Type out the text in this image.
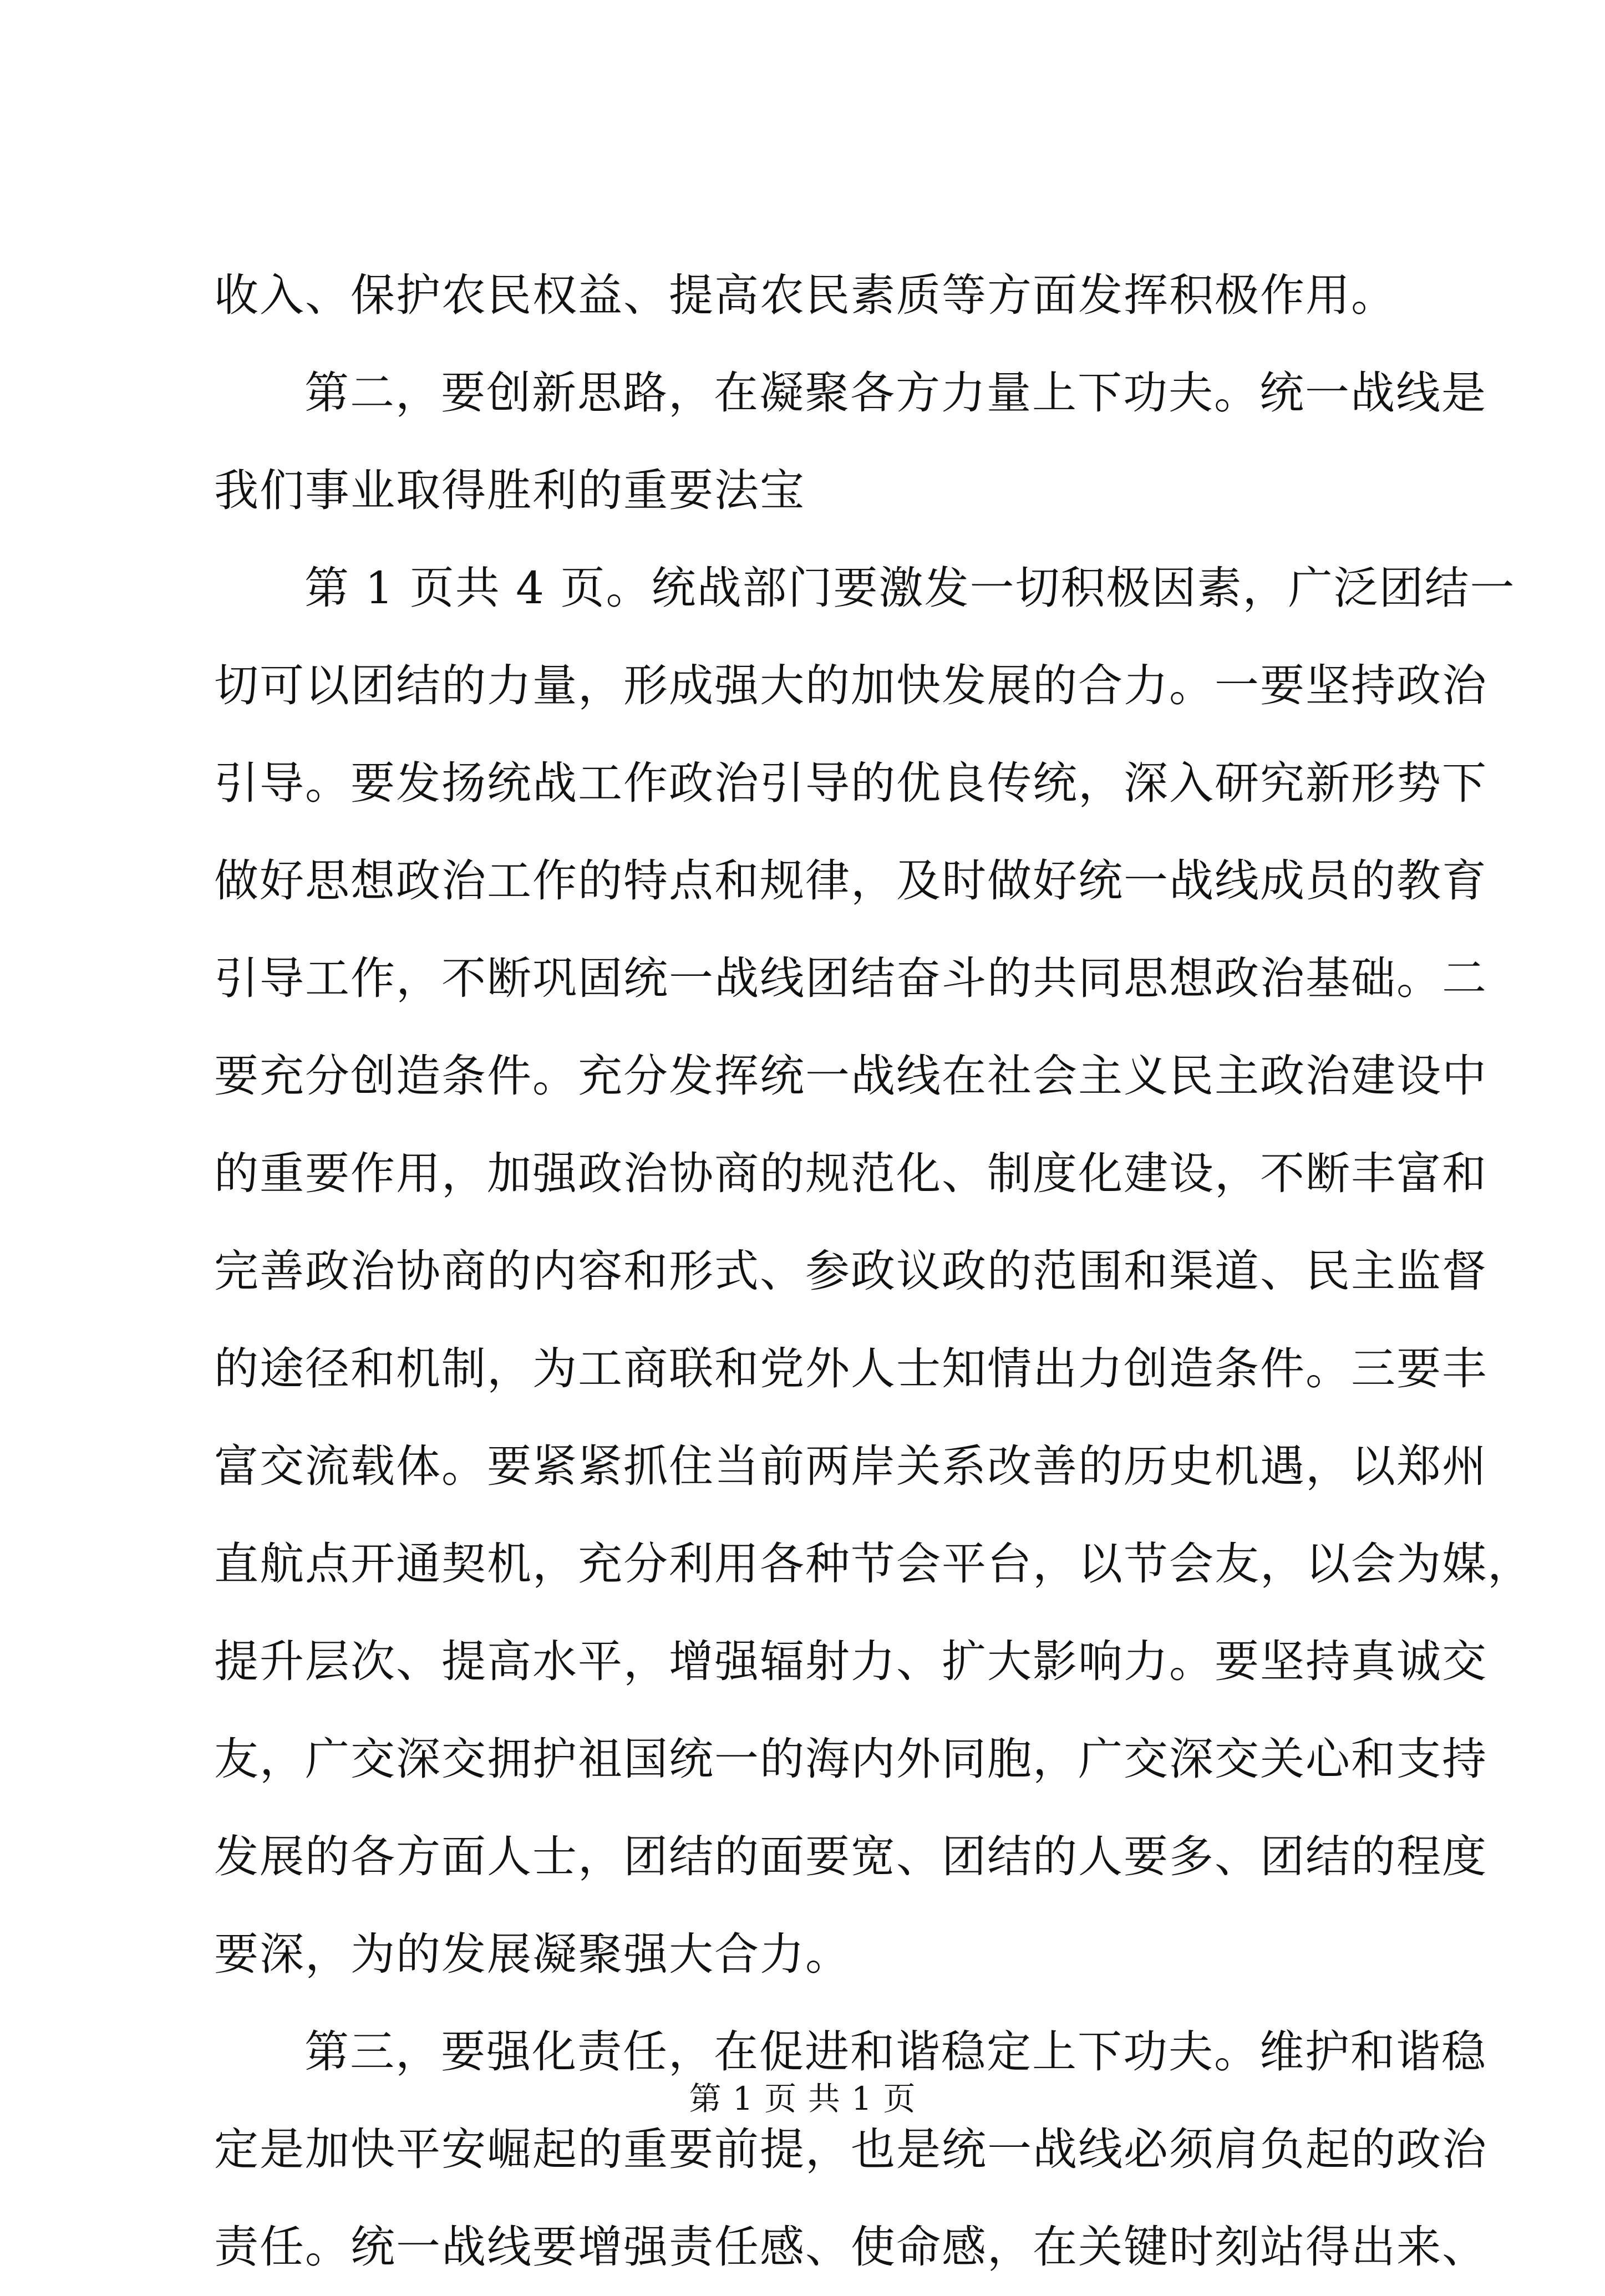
收入、保护农民权益、提高农民素质等方面发挥积极作用。
第二，要创新思路，在凝聚各方力量上下功夫。统一战线是
我们事业取得胜利的重要法宝
第 1 页共 4 页。统战部门要激发一切积极因素，广泛团结一
切可以团结的力量，形成强大的加快发展的合力。一要坚持政治
引导。要发扬统战工作政治引导的优良传统，深入研究新形势下
做好思想政治工作的特点和规律，及时做好统一战线成员的教育
引导工作，不断巩固统一战线团结奋斗的共同思想政治基础。二
要充分创造条件。充分发挥统一战线在社会主义民主政治建设中
的重要作用，加强政治协商的规范化、制度化建设，不断丰富和
完善政治协商的内容和形式、参政议政的范围和渠道、民主监督
的途径和机制，为工商联和党外人士知情出力创造条件。三要丰
富交流载体。要紧紧抓住当前两岸关系改善的历史机遇，以郑州
直航点开通契机，充分利用各种节会平台，以节会友，以会为媒，
提升层次、提高水平，增强辐射力、扩大影响力。要坚持真诚交
友，广交深交拥护祖国统一的海内外同胞，广交深交关心和支持
发展的各方面人士，团结的面要宽、团结的人要多、团结的程度
要深，为的发展凝聚强大合力。
第三，要强化责任，在促进和谐稳定上下功夫。维护和谐稳
定是加快平安崛起的重要前提，也是统一战线必须肩负起的政治
责任。统一战线要增强责任感、使命感，在关键时刻站得出来、
第 1 页 共 1 页
